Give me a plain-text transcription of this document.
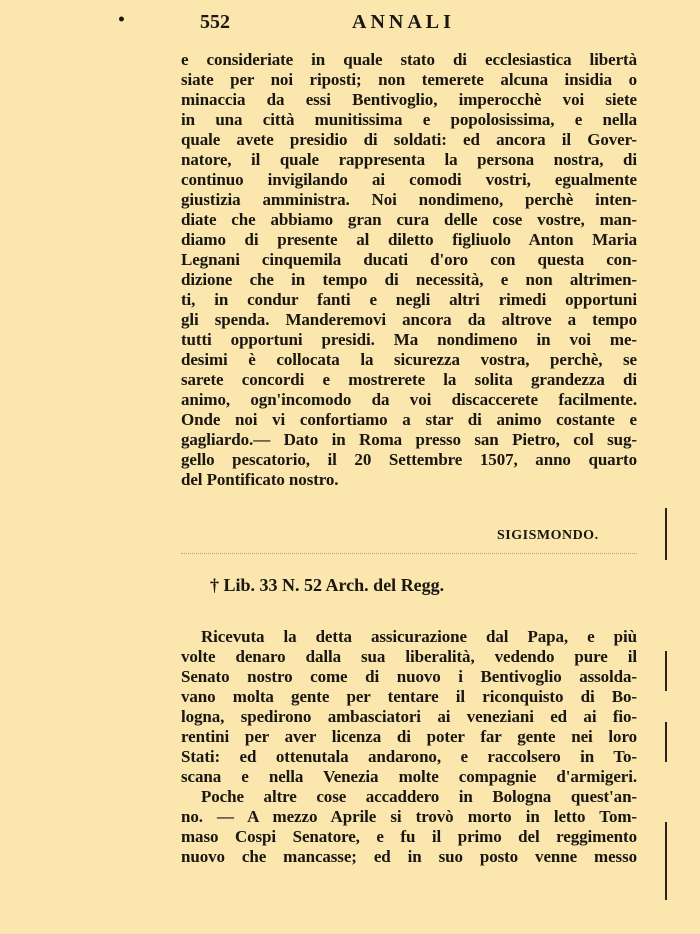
•	552	ANNALI
e consideriate in quale stato di ecclesiastica libertà
siate per noi riposti; non temerete alcuna insidia o
minaccia da essi Bentivoglio, imperocchè voi siete
in una città munitissima e popolosissima, e nella
quale avete presidio di soldati: ed ancora il Gover-
natore, il quale rappresenta la persona nostra, di
continuo invigilando ai comodi vostri, egualmente
giustizia amministra. Noi nondimeno, perchè inten-
diate che abbiamo gran cura delle cose vostre, man-
diamo di presente al diletto figliuolo Anton Maria
Legnani cinquemila ducati d'oro con questa con-
dizione che in tempo di necessità, e non altrimen-
ti, in condur fanti e negli altri rimedi opportuni
gli spenda. Manderemovi ancora da altrove a tempo
tutti opportuni presidi. Ma nondimeno in voi me-
desimi è collocata la sicurezza vostra, perchè, se
sarete concordi e mostrerete la solita grandezza di
animo, ogn'incomodo da voi discaccerete facilmente.
Onde noi vi confortiamo a star di animo costante e
gagliardo.— Dato in Roma presso san Pietro, col sug-
gello pescatorio, il 20 Settembre 1507, anno quarto
del Pontificato nostro.
SIGISMONDO.
† Lib. 33 N. 52 Arch. del Regg.
Ricevuta la detta assicurazione dal Papa, e più
volte denaro dalla sua liberalità, vedendo pure il
Senato nostro come di nuovo i Bentivoglio assolda-
vano molta gente per tentare il riconquisto di Bo-
logna, spedirono ambasciatori ai veneziani ed ai fio-
rentini per aver licenza di poter far gente nei loro
Stati: ed ottenutala andarono, e raccolsero in To-
scana e nella Venezia molte compagnie d'armigeri.
Poche altre cose accaddero in Bologna quest'an-
no. — A mezzo Aprile si trovò morto in letto Tom-
maso Cospi Senatore, e fu il primo del reggimento
nuovo che mancasse; ed in suo posto venne messo
